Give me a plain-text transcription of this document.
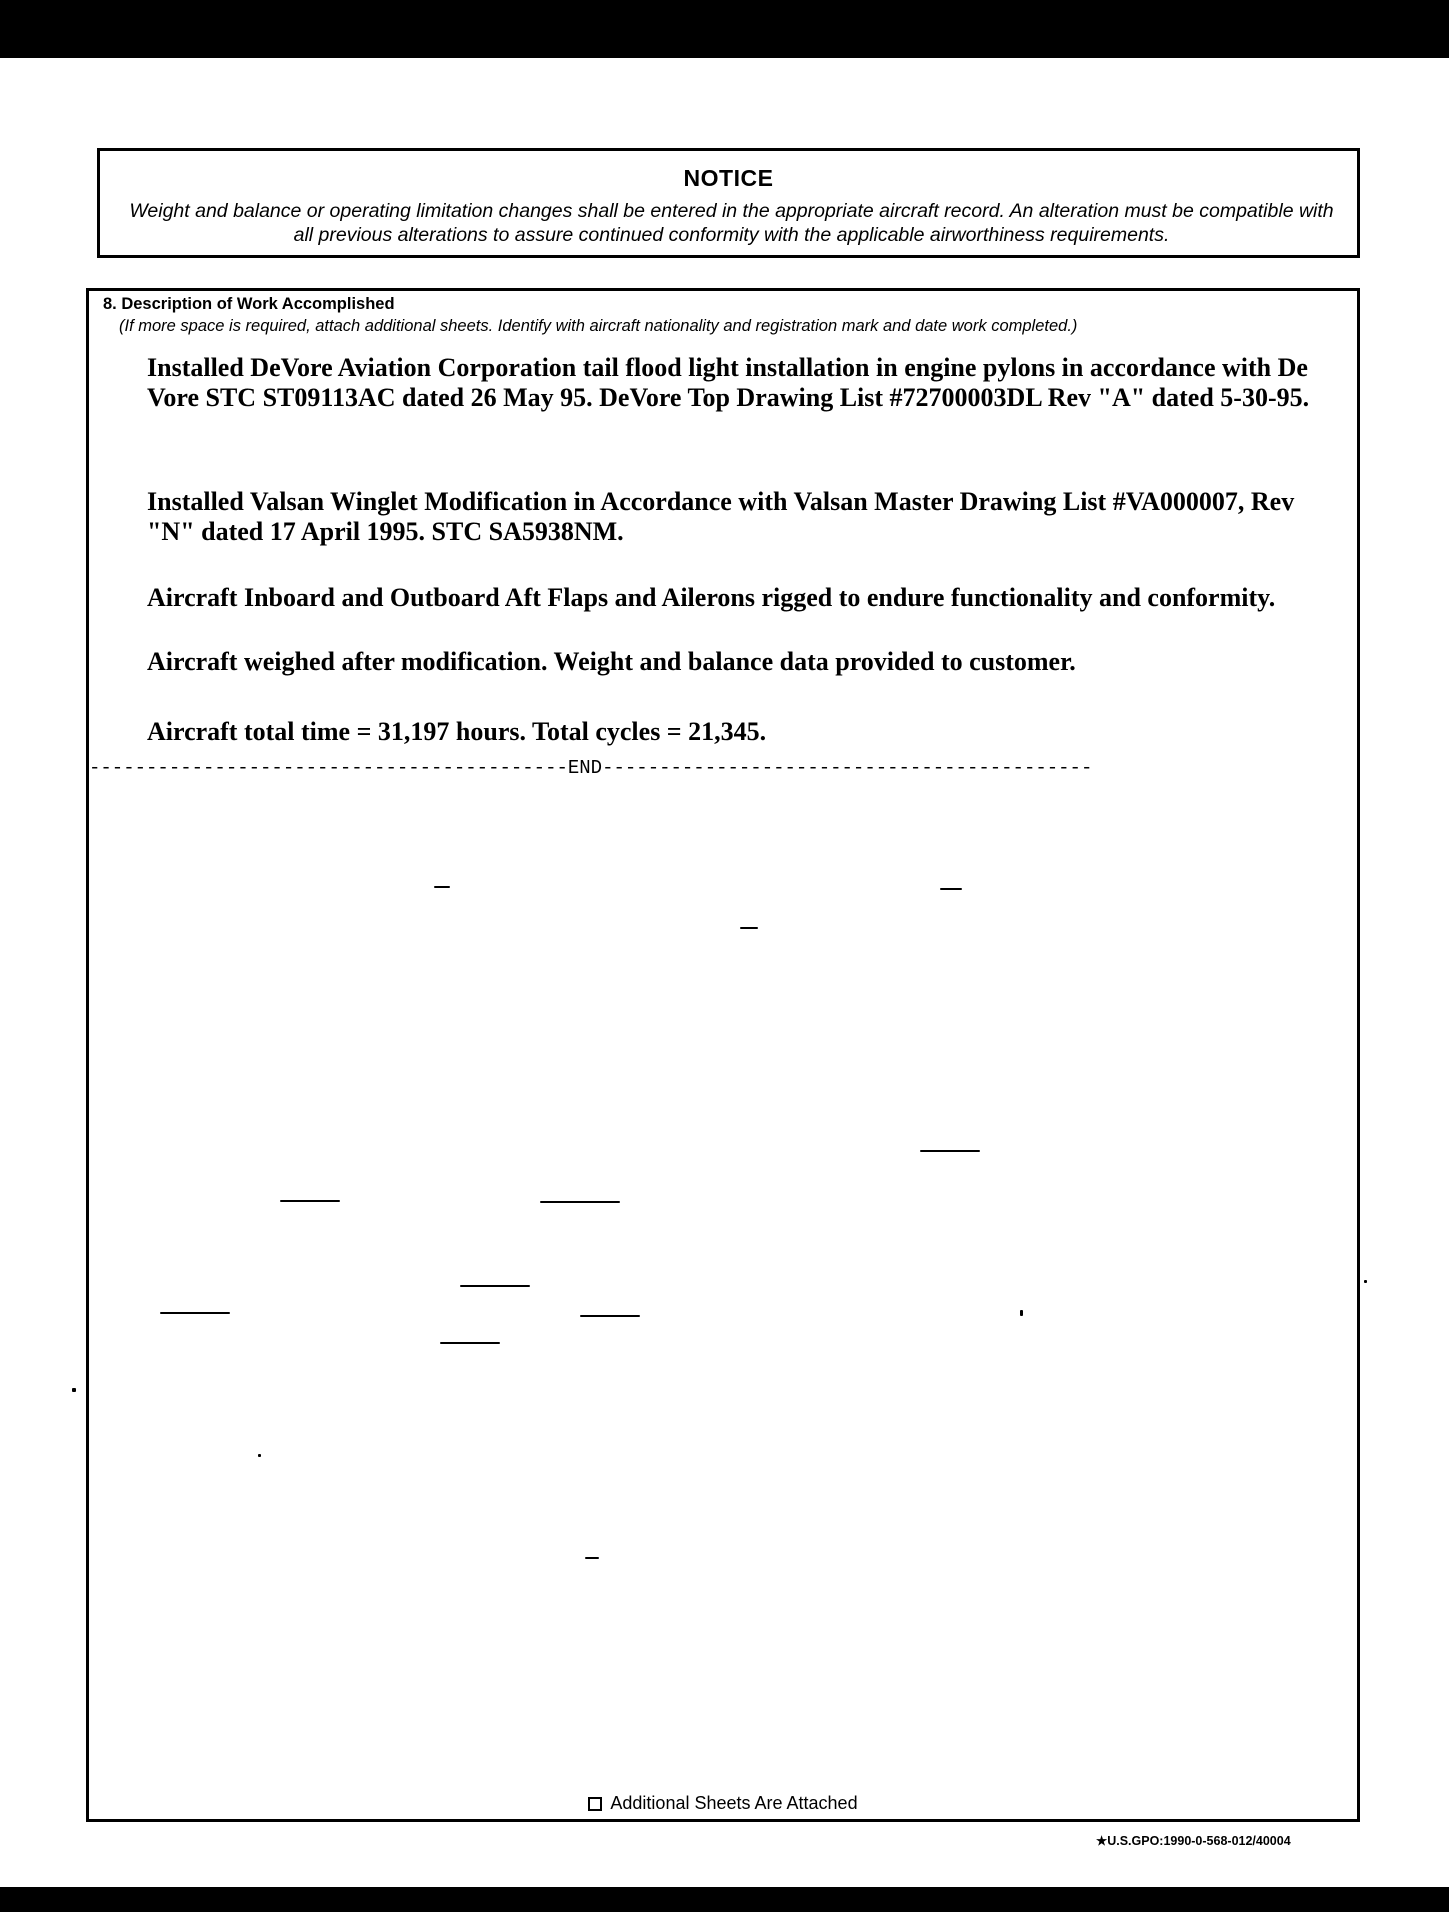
NOTICE
Weight and balance or operating limitation changes shall be entered in the appropriate aircraft record. An alteration must be compatible with all previous alterations to assure continued conformity with the applicable airworthiness requirements.
8. Description of Work Accomplished
(If more space is required, attach additional sheets. Identify with aircraft nationality and registration mark and date work completed.)
Installed DeVore Aviation Corporation tail flood light installation in engine pylons in accordance with De Vore STC ST09113AC dated 26 May 95. DeVore Top Drawing List #72700003DL Rev "A" dated 5-30-95.
Installed Valsan Winglet Modification in Accordance with Valsan Master Drawing List #VA000007, Rev "N" dated 17 April 1995. STC SA5938NM.
Aircraft Inboard and Outboard Aft Flaps and Ailerons rigged to endure functionality and conformity.
Aircraft weighed after modification. Weight and balance data provided to customer.
Aircraft total time = 31,197 hours. Total cycles = 21,345.
------------------------------------------END-------------------------------------------
Additional Sheets Are Attached
★U.S.GPO:1990-0-568-012/40004
